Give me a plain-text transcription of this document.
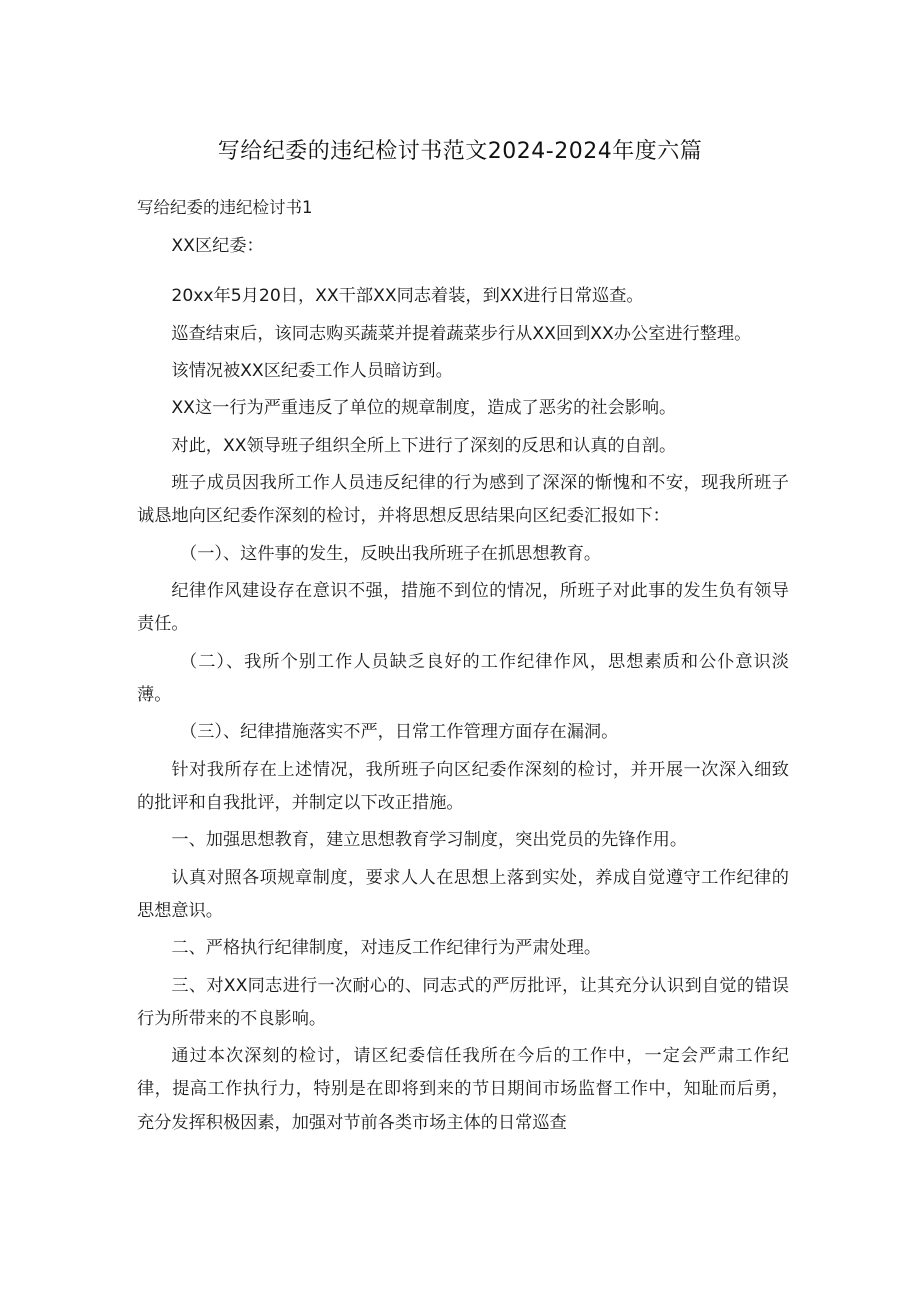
写给纪委的违纪检讨书范文2024-2024年度六篇
写给纪委的违纪检讨书1

XX区纪委：

20xx年5月20日，XX干部XX同志着装，到XX进行日常巡查。

巡查结束后，该同志购买蔬菜并提着蔬菜步行从XX回到XX办公室进行整理。

该情况被XX区纪委工作人员暗访到。

XX这一行为严重违反了单位的规章制度，造成了恶劣的社会影响。

对此，XX领导班子组织全所上下进行了深刻的反思和认真的自剖。

班子成员因我所工作人员违反纪律的行为感到了深深的惭愧和不安，现我所班子诚恳地向区纪委作深刻的检讨，并将思想反思结果向区纪委汇报如下：

（一）、这件事的发生，反映出我所班子在抓思想教育。

纪律作风建设存在意识不强，措施不到位的情况，所班子对此事的发生负有领导责任。

（二）、我所个别工作人员缺乏良好的工作纪律作风，思想素质和公仆意识淡薄。

（三）、纪律措施落实不严，日常工作管理方面存在漏洞。

针对我所存在上述情况，我所班子向区纪委作深刻的检讨，并开展一次深入细致的批评和自我批评，并制定以下改正措施。

一、加强思想教育，建立思想教育学习制度，突出党员的先锋作用。

认真对照各项规章制度，要求人人在思想上落到实处，养成自觉遵守工作纪律的思想意识。

二、严格执行纪律制度，对违反工作纪律行为严肃处理。

三、对XX同志进行一次耐心的、同志式的严厉批评，让其充分认识到自觉的错误行为所带来的不良影响。

通过本次深刻的检讨，请区纪委信任我所在今后的工作中，一定会严肃工作纪律，提高工作执行力，特别是在即将到来的节日期间市场监督工作中，知耻而后勇，充分发挥积极因素，加强对节前各类市场主体的日常巡查
